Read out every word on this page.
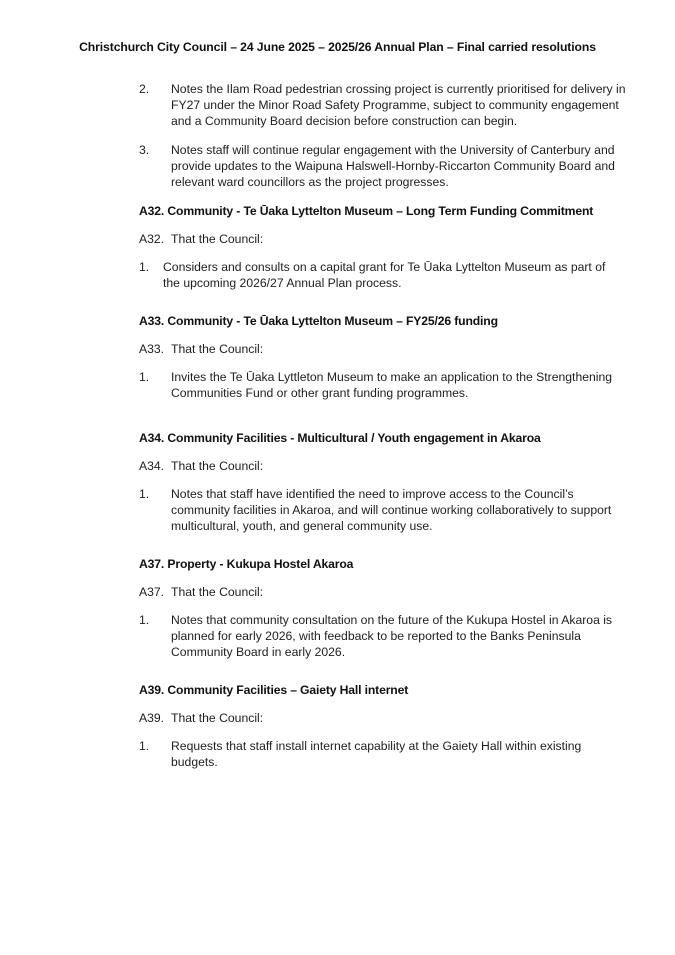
Christchurch City Council – 24 June 2025 – 2025/26 Annual Plan – Final carried resolutions
2.	Notes the Ilam Road pedestrian crossing project is currently prioritised for delivery in FY27 under the Minor Road Safety Programme, subject to community engagement and a Community Board decision before construction can begin.
3.	Notes staff will continue regular engagement with the University of Canterbury and provide updates to the Waipuna Halswell-Hornby-Riccarton Community Board and relevant ward councillors as the project progresses.
A32. Community - Te Ūaka Lyttelton Museum – Long Term Funding Commitment
A32. That the Council:
1.	Considers and consults on a capital grant for Te Ūaka Lyttelton Museum as part of the upcoming 2026/27 Annual Plan process.
A33. Community - Te Ūaka Lyttelton Museum – FY25/26 funding
A33. That the Council:
1.	Invites the Te Ūaka Lyttleton Museum to make an application to the Strengthening Communities Fund or other grant funding programmes.
A34. Community Facilities - Multicultural / Youth engagement in Akaroa
A34. That the Council:
1.	Notes that staff have identified the need to improve access to the Council’s community facilities in Akaroa, and will continue working collaboratively to support multicultural, youth, and general community use.
A37. Property - Kukupa Hostel Akaroa
A37. That the Council:
1.	Notes that community consultation on the future of the Kukupa Hostel in Akaroa is planned for early 2026, with feedback to be reported to the Banks Peninsula Community Board in early 2026.
A39. Community Facilities – Gaiety Hall internet
A39. That the Council:
1.	Requests that staff install internet capability at the Gaiety Hall within existing budgets.
